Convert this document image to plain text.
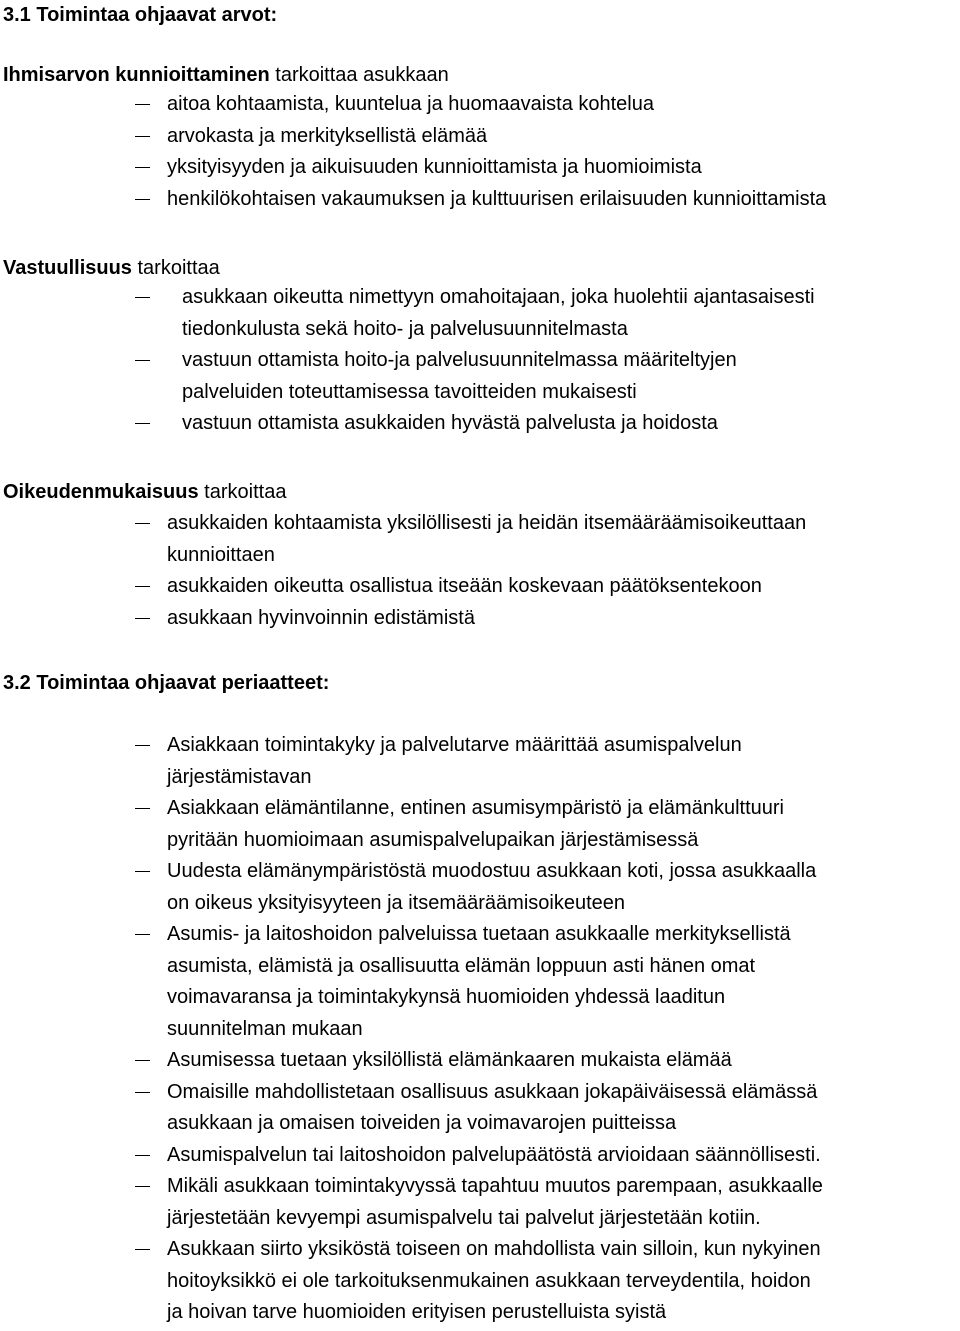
3.1 Toimintaa ohjaavat arvot:
Ihmisarvon kunnioittaminen tarkoittaa asukkaan
aitoa kohtaamista, kuuntelua ja huomaavaista kohtelua
arvokasta ja merkityksellistä elämää
yksityisyyden ja aikuisuuden kunnioittamista ja huomioimista
henkilökohtaisen vakaumuksen ja kulttuurisen erilaisuuden kunnioittamista
Vastuullisuus tarkoittaa
asukkaan oikeutta nimettyyn omahoitajaan, joka huolehtii ajantasaisesti
tiedonkulusta sekä hoito- ja palvelusuunnitelmasta
vastuun ottamista hoito-ja palvelusuunnitelmassa määriteltyjen
palveluiden toteuttamisessa tavoitteiden mukaisesti
vastuun ottamista asukkaiden hyvästä palvelusta ja hoidosta
Oikeudenmukaisuus tarkoittaa
asukkaiden kohtaamista yksilöllisesti ja heidän itsemääräämisoikeuttaan
kunnioittaen
asukkaiden oikeutta osallistua itseään koskevaan päätöksentekoon
asukkaan hyvinvoinnin edistämistä
3.2 Toimintaa ohjaavat periaatteet:
Asiakkaan toimintakyky ja palvelutarve määrittää asumispalvelun
järjestämistavan
Asiakkaan elämäntilanne, entinen asumisympäristö ja elämänkulttuuri
pyritään huomioimaan asumispalvelupaikan järjestämisessä
Uudesta elämänympäristöstä muodostuu asukkaan koti, jossa asukkaalla
on oikeus yksityisyyteen ja itsemääräämisoikeuteen
Asumis- ja laitoshoidon palveluissa tuetaan asukkaalle merkityksellistä
asumista, elämistä ja osallisuutta elämän loppuun asti hänen omat
voimavaransa ja toimintakykynsä huomioiden yhdessä laaditun
suunnitelman mukaan
Asumisessa tuetaan yksilöllistä elämänkaaren mukaista elämää
Omaisille mahdollistetaan osallisuus asukkaan jokapäiväisessä elämässä
asukkaan ja omaisen toiveiden ja voimavarojen puitteissa
Asumispalvelun tai laitoshoidon palvelupäätöstä arvioidaan säännöllisesti.
Mikäli asukkaan toimintakyvyssä tapahtuu muutos parempaan, asukkaalle
järjestetään kevyempi asumispalvelu tai palvelut järjestetään kotiin.
Asukkaan siirto yksiköstä toiseen on mahdollista vain silloin, kun nykyinen
hoitoyksikkö ei ole tarkoituksenmukainen asukkaan terveydentila, hoidon
ja hoivan tarve huomioiden erityisen perustelluista syistä
